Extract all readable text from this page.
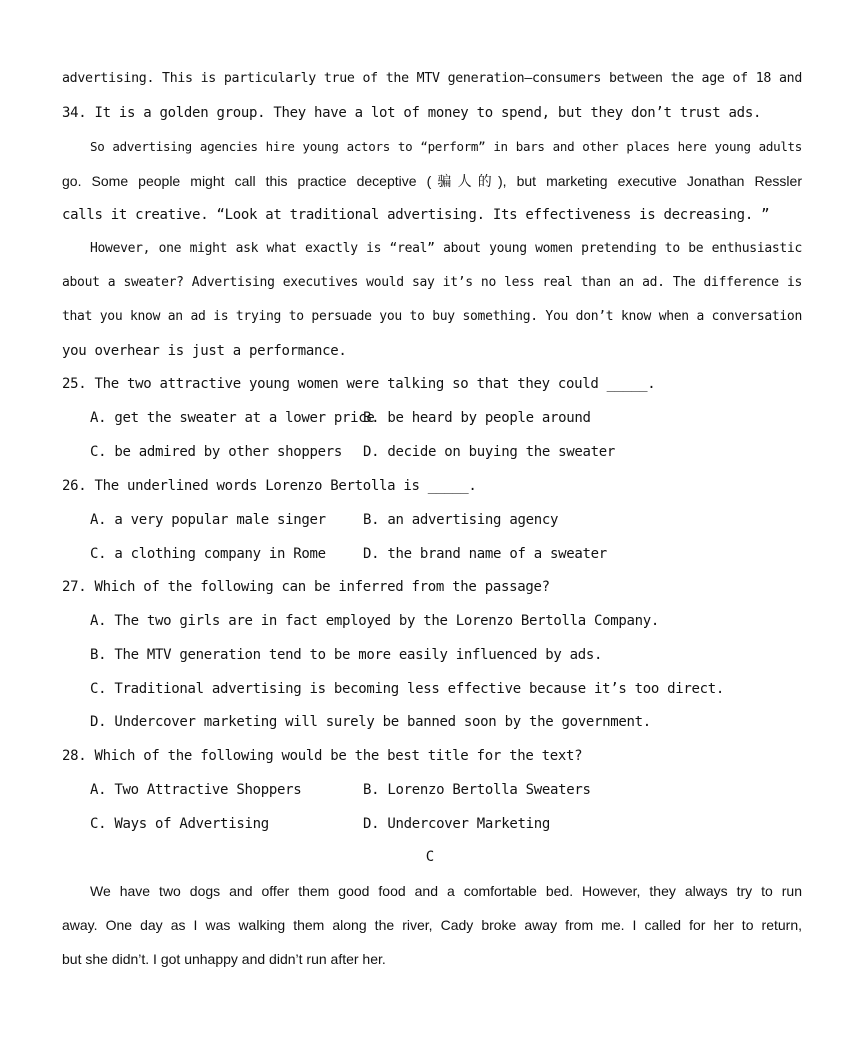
advertising. This is particularly true of the MTV generation—consumers between the age of 18 and
34. It is a golden group. They have a lot of money to spend, but they don’t trust ads.
So advertising agencies hire young actors to “perform” in bars and other places here young adults
go. Some people might call this practice deceptive (骗人的), but marketing executive Jonathan Ressler
calls it creative. “Look at traditional advertising. Its effectiveness is decreasing. ”
However, one might ask what exactly is “real” about young women pretending to be enthusiastic
about a sweater? Advertising executives would say it’s no less real than an ad. The difference is
that you know an ad is trying to persuade you to buy something. You don’t know when a conversation
you overhear is just a performance.
25. The two attractive young women were talking so that they could _____.
A. get the sweater at a lower price
B. be heard by people around
C. be admired by other shoppers D. decide on buying the sweater
26. The underlined words Lorenzo Bertolla is _____.
A. a very popular male singer	B. an advertising agency
C. a clothing company in Rome	D. the brand name of a sweater
27. Which of the following can be inferred from the passage?
A. The two girls are in fact employed by the Lorenzo Bertolla Company.
B. The MTV generation tend to be more easily influenced by ads.
C. Traditional advertising is becoming less effective because it’s too direct.
D. Undercover marketing will surely be banned soon by the government.
28. Which of the following would be the best title for the text?
A. Two Attractive Shoppers	B. Lorenzo Bertolla Sweaters
C. Ways of Advertising	D. Undercover Marketing
C
We have two dogs and offer them good food and a comfortable bed. However, they always try to run
away. One day as I was walking them along the river, Cady broke away from me. I called for her to return,
but she didn’t. I got unhappy and didn’t run after her.
